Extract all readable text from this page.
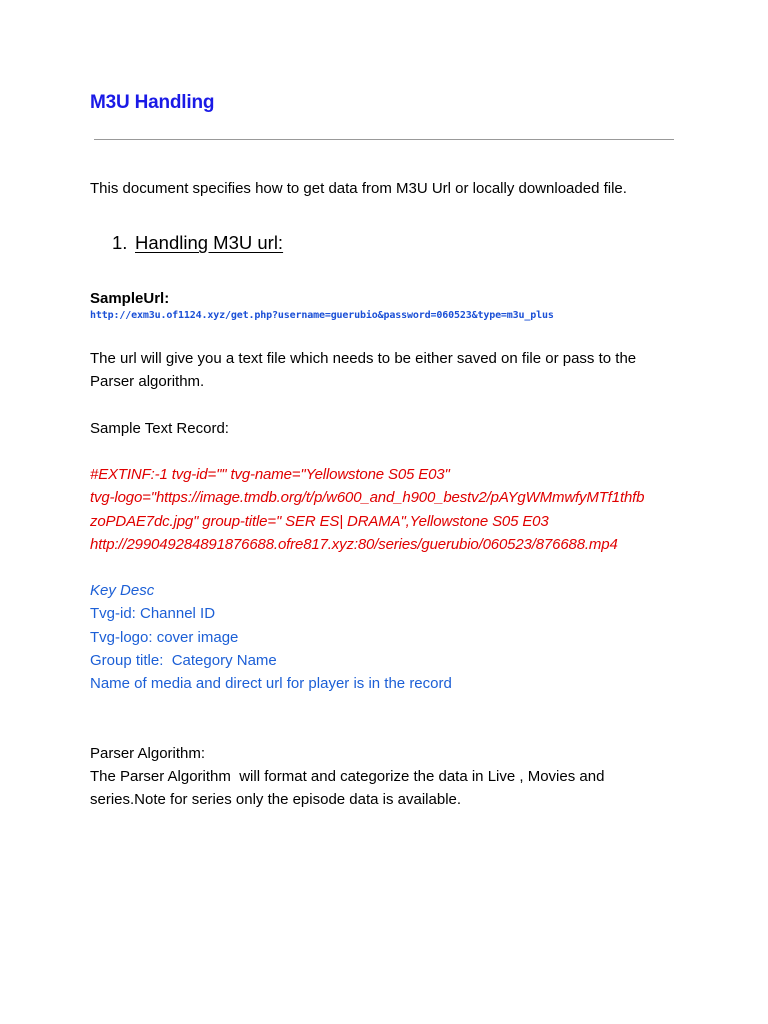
M3U Handling
This document specifies how to get data from M3U Url or locally downloaded file.
1. Handling M3U url:
SampleUrl:
http://exm3u.of1124.xyz/get.php?username=guerubio&password=060523&type=m3u_plus
The url will give you a text file which needs to be either saved on file or pass to the Parser algorithm.
Sample Text Record:
#EXTINF:-1 tvg-id="" tvg-name="Yellowstone S05 E03"
tvg-logo="https://image.tmdb.org/t/p/w600_and_h900_bestv2/pAYgWMmwfyMTf1thfb
zoPDAE7dc.jpg" group-title=" SER ES| DRAMA",Yellowstone S05 E03
http://299049284891876688.ofre817.xyz:80/series/guerubio/060523/876688.mp4
Key Desc
Tvg-id: Channel ID
Tvg-logo: cover image
Group title:  Category Name
Name of media and direct url for player is in the record
Parser Algorithm:
The Parser Algorithm  will format and categorize the data in Live , Movies and series.Note for series only the episode data is available.
